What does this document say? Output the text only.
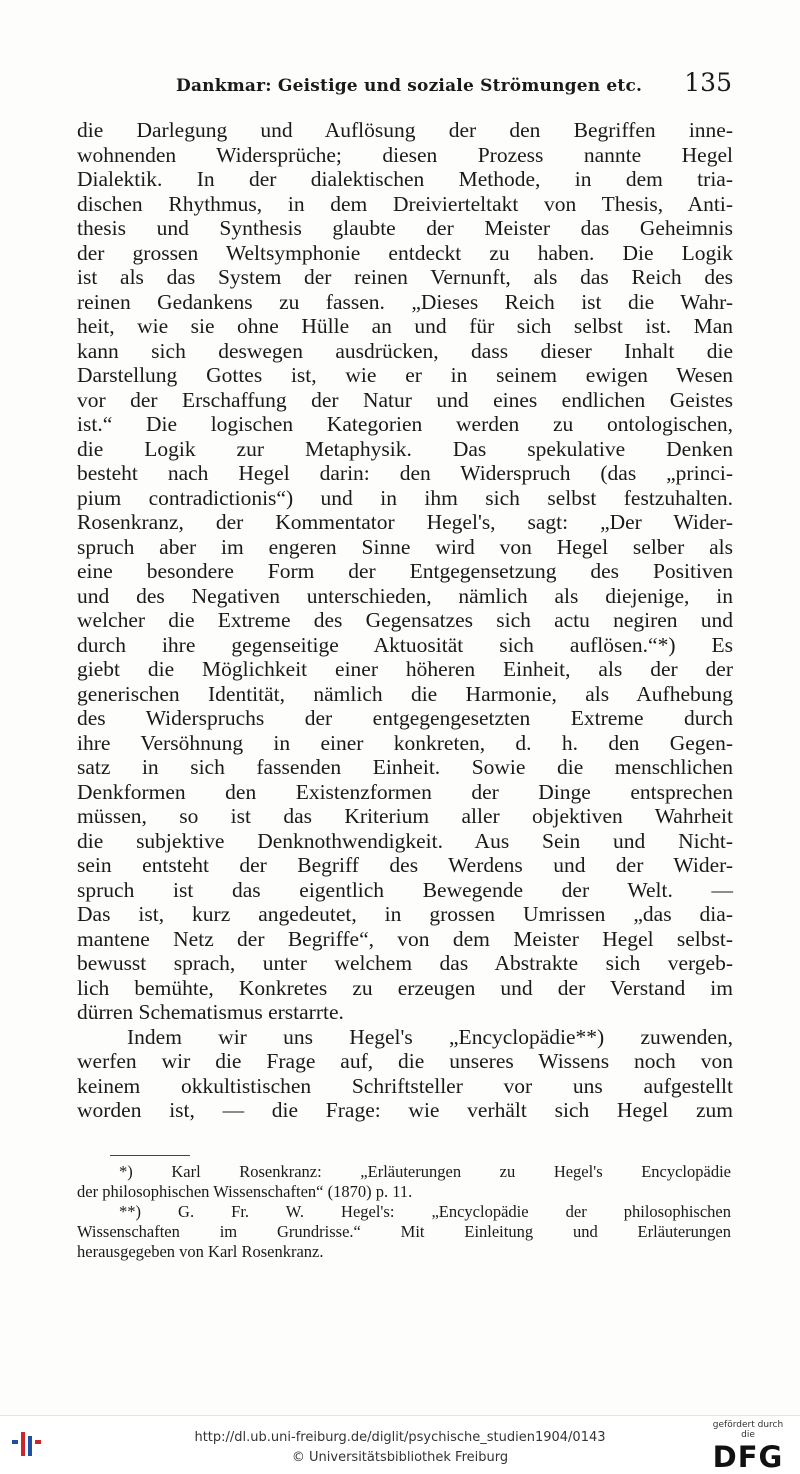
Dankmar: Geistige und soziale Strömungen etc. 135
die Darlegung und Auflösung der den Begriffen inne-
wohnenden Widersprüche; diesen Prozess nannte Hegel
Dialektik. In der dialektischen Methode, in dem tria-
dischen Rhythmus, in dem Dreivierteltakt von Thesis, Anti-
thesis und Synthesis glaubte der Meister das Geheimnis
der grossen Weltsymphonie entdeckt zu haben. Die Logik
ist als das System der reinen Vernunft, als das Reich des
reinen Gedankens zu fassen. „Dieses Reich ist die Wahr-
heit, wie sie ohne Hülle an und für sich selbst ist. Man
kann sich deswegen ausdrücken, dass dieser Inhalt die
Darstellung Gottes ist, wie er in seinem ewigen Wesen
vor der Erschaffung der Natur und eines endlichen Geistes
ist.“ Die logischen Kategorien werden zu ontologischen,
die Logik zur Metaphysik. Das spekulative Denken
besteht nach Hegel darin: den Widerspruch (das „princi-
pium contradictionis“) und in ihm sich selbst festzuhalten.
Rosenkranz, der Kommentator Hegel's, sagt: „Der Wider-
spruch aber im engeren Sinne wird von Hegel selber als
eine besondere Form der Entgegensetzung des Positiven
und des Negativen unterschieden, nämlich als diejenige, in
welcher die Extreme des Gegensatzes sich actu negiren und
durch ihre gegenseitige Aktuosität sich auflösen.“*) Es
giebt die Möglichkeit einer höheren Einheit, als der der
generischen Identität, nämlich die Harmonie, als Aufhebung
des Widerspruchs der entgegengesetzten Extreme durch
ihre Versöhnung in einer konkreten, d. h. den Gegen-
satz in sich fassenden Einheit. Sowie die menschlichen
Denkformen den Existenzformen der Dinge entsprechen
müssen, so ist das Kriterium aller objektiven Wahrheit
die subjektive Denknothwendigkeit. Aus Sein und Nicht-
sein entsteht der Begriff des Werdens und der Wider-
spruch ist das eigentlich Bewegende der Welt. —
Das ist, kurz angedeutet, in grossen Umrissen „das dia-
mantene Netz der Begriffe“, von dem Meister Hegel selbst-
bewusst sprach, unter welchem das Abstrakte sich vergeb-
lich bemühte, Konkretes zu erzeugen und der Verstand im
dürren Schematismus erstarrte.
Indem wir uns Hegel's „Encyclopädie**) zuwenden,
werfen wir die Frage auf, die unseres Wissens noch von
keinem okkultistischen Schriftsteller vor uns aufgestellt
worden ist, — die Frage: wie verhält sich Hegel zum
*) Karl Rosenkranz: „Erläuterungen zu Hegel's Encyclopädie
der philosophischen Wissenschaften“ (1870) p. 11.
**) G. Fr. W. Hegel's: „Encyclopädie der philosophischen
Wissenschaften im Grundrisse.“ Mit Einleitung und Erläuterungen
herausgegeben von Karl Rosenkranz.
http://dl.ub.uni-freiburg.de/diglit/psychische_studien1904/0143
© Universitätsbibliothek Freiburg
gefördert durch die
DFG
